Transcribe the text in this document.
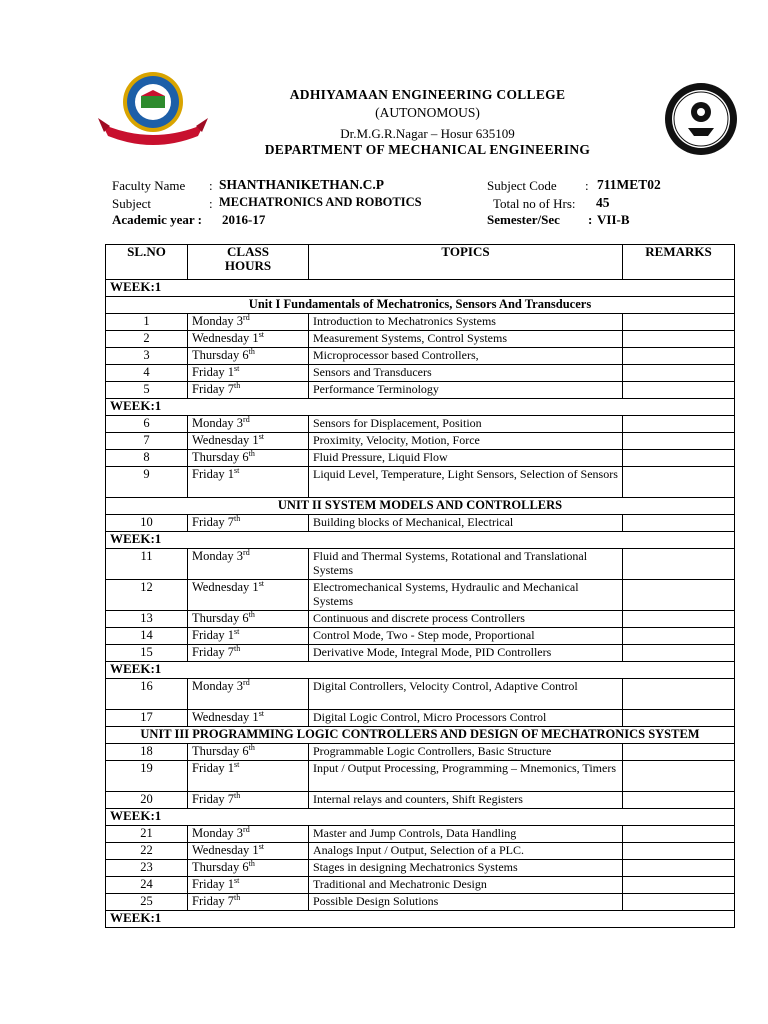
ADHIYAMAAN ENGINEERING COLLEGE
(AUTONOMOUS)
Dr.M.G.R.Nagar – Hosur 635109
DEPARTMENT OF MECHANICAL ENGINEERING
Faculty Name : SHANTHANIKETHAN.C.P
Subject	: MECHATRONICS AND ROBOTICS
Academic year : 2016-17
Subject Code : 711MET02
Total no of Hrs: 45
Semester/Sec : VII-B
SL.NO	CLASS HOURS	TOPICS	REMARKS
WEEK:1			
Unit I Fundamentals of Mechatronics, Sensors And Transducers			
1	Monday 3rd	Introduction to Mechatronics Systems	
2	Wednesday 1st	Measurement Systems, Control Systems	
3	Thursday 6th	Microprocessor based Controllers,	
4	Friday 1st	Sensors and Transducers	
5	Friday 7th	Performance Terminology	
WEEK:1			
6	Monday 3rd	Sensors for Displacement, Position	
7	Wednesday 1st	Proximity, Velocity, Motion, Force	
8	Thursday 6th	Fluid Pressure, Liquid Flow	
9	Friday 1st	Liquid Level, Temperature, Light Sensors, Selection of Sensors	
UNIT II SYSTEM MODELS AND CONTROLLERS			
10	Friday 7th	Building blocks of Mechanical, Electrical	
WEEK:1			
11	Monday 3rd	Fluid and Thermal Systems, Rotational and Translational Systems	
12	Wednesday 1st	Electromechanical Systems, Hydraulic and Mechanical Systems	
13	Thursday 6th	Continuous and discrete process Controllers	
14	Friday 1st	Control Mode, Two - Step mode, Proportional	
15	Friday 7th	Derivative Mode, Integral Mode, PID Controllers	
WEEK:1			
16	Monday 3rd	Digital Controllers, Velocity Control, Adaptive Control	
17	Wednesday 1st	Digital Logic Control, Micro Processors Control	
UNIT III PROGRAMMING LOGIC CONTROLLERS AND DESIGN OF MECHATRONICS SYSTEM			
18	Thursday 6th	Programmable Logic Controllers, Basic Structure	
19	Friday 1st	Input / Output Processing, Programming – Mnemonics, Timers	
20	Friday 7th	Internal relays and counters, Shift Registers	
WEEK:1			
21	Monday 3rd	Master and Jump Controls, Data Handling	
22	Wednesday 1st	Analogs Input / Output, Selection of a PLC.	
23	Thursday 6th	Stages in designing Mechatronics Systems	
24	Friday 1st	Traditional and Mechatronic Design	
25	Friday 7th	Possible Design Solutions	
WEEK:1			
